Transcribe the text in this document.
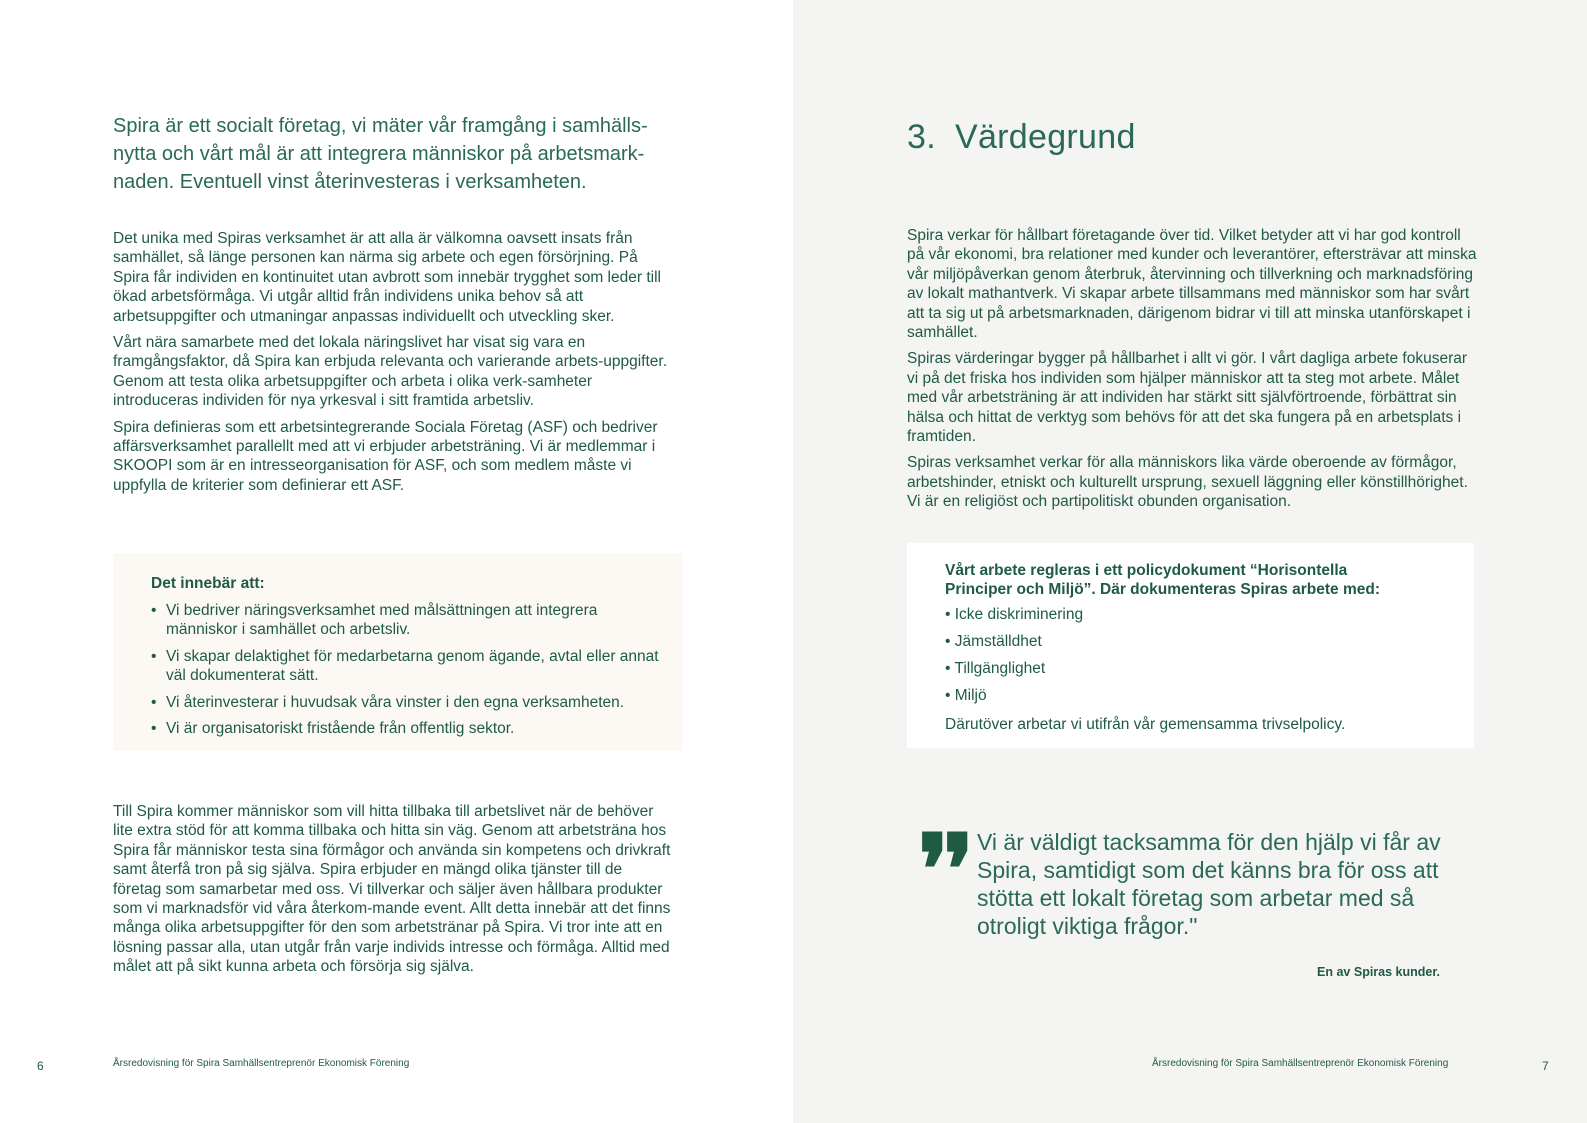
Spira är ett socialt företag, vi mäter vår framgång i samhälls-nytta och vårt mål är att integrera människor på arbetsmark-naden. Eventuell vinst återinvesteras i verksamheten.

Det unika med Spiras verksamhet är att alla är välkomna oavsett insats från samhället, så länge personen kan närma sig arbete och egen försörjning. På Spira får individen en kontinuitet utan avbrott som innebär trygghet som leder till ökad arbetsförmåga. Vi utgår alltid från individens unika behov så att arbetsuppgifter och utmaningar anpassas individuellt och utveckling sker.

Vårt nära samarbete med det lokala näringslivet har visat sig vara en framgångsfaktor, då Spira kan erbjuda relevanta och varierande arbets-uppgifter. Genom att testa olika arbetsuppgifter och arbeta i olika verk-samheter introduceras individen för nya yrkesval i sitt framtida arbetsliv.

Spira definieras som ett arbetsintegrerande Sociala Företag (ASF) och bedriver affärsverksamhet parallellt med att vi erbjuder arbetsträning. Vi är medlemmar i SKOOPI som är en intresseorganisation för ASF, och som medlem måste vi uppfylla de kriterier som definierar ett ASF.

Det innebär att:
• Vi bedriver näringsverksamhet med målsättningen att integrera människor i samhället och arbetsliv.
• Vi skapar delaktighet för medarbetarna genom ägande, avtal eller annat väl dokumenterat sätt.
• Vi återinvesterar i huvudsak våra vinster i den egna verksamheten.
• Vi är organisatoriskt fristående från offentlig sektor.

Till Spira kommer människor som vill hitta tillbaka till arbetslivet när de behöver lite extra stöd för att komma tillbaka och hitta sin väg. Genom att arbetsträna hos Spira får människor testa sina förmågor och använda sin kompetens och drivkraft samt återfå tron på sig själva. Spira erbjuder en mängd olika tjänster till de företag som samarbetar med oss. Vi tillverkar och säljer även hållbara produkter som vi marknadsför vid våra återkom-mande event. Allt detta innebär att det finns många olika arbetsuppgifter för den som arbetstränar på Spira. Vi tror inte att en lösning passar alla, utan utgår från varje individs intresse och förmåga. Alltid med målet att på sikt kunna arbeta och försörja sig själva.

6	Årsredovisning för Spira Samhällsentreprenör Ekonomisk Förening
3. Värdegrund

Spira verkar för hållbart företagande över tid. Vilket betyder att vi har god kontroll på vår ekonomi, bra relationer med kunder och leverantörer, eftersträvar att minska vår miljöpåverkan genom återbruk, återvinning och tillverkning och marknadsföring av lokalt mathantverk. Vi skapar arbete tillsammans med människor som har svårt att ta sig ut på arbetsmarknaden, därigenom bidrar vi till att minska utanförskapet i samhället.

Spiras värderingar bygger på hållbarhet i allt vi gör. I vårt dagliga arbete fokuserar vi på det friska hos individen som hjälper människor att ta steg mot arbete. Målet med vår arbetsträning är att individen har stärkt sitt självförtroende, förbättrat sin hälsa och hittat de verktyg som behövs för att det ska fungera på en arbetsplats i framtiden.

Spiras verksamhet verkar för alla människors lika värde oberoende av förmågor, arbetshinder, etniskt och kulturellt ursprung, sexuell läggning eller könstillhörighet. Vi är en religiöst och partipolitiskt obunden organisation.

Vårt arbete regleras i ett policydokument “Horisontella Principer och Miljö”. Där dokumenteras Spiras arbete med:
• Icke diskriminering
• Jämställdhet
• Tillgänglighet
• Miljö
Därutöver arbetar vi utifrån vår gemensamma trivselpolicy.
❜❜ Vi är väldigt tacksamma för den hjälp vi får av Spira, samtidigt som det känns bra för oss att stötta ett lokalt företag som arbetar med så otroligt viktiga frågor."

En av Spiras kunder.
Årsredovisning för Spira Samhällsentreprenör Ekonomisk Förening	7
